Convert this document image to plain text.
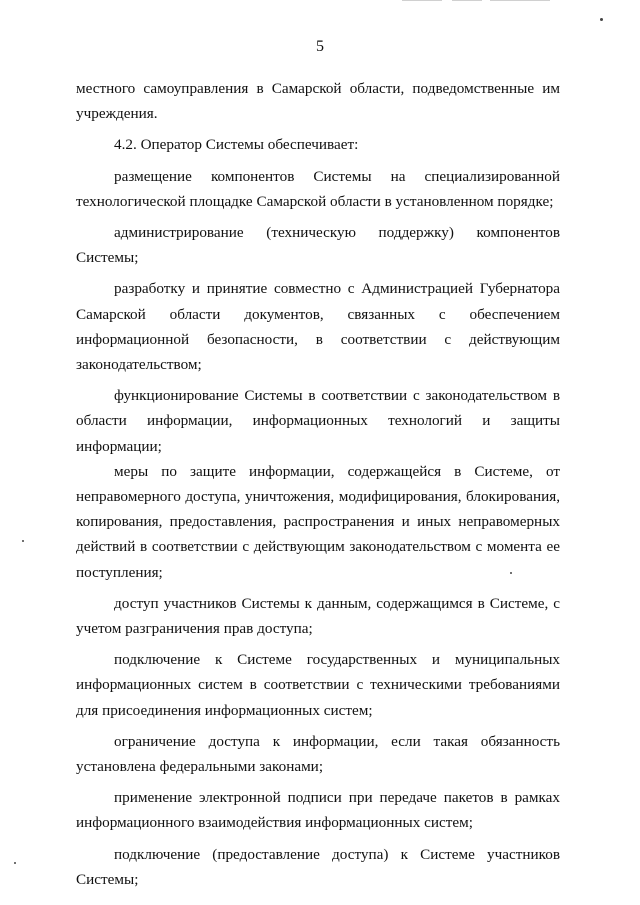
5

местного самоуправления в Самарской области, подведомственные им учреждения.

4.2. Оператор Системы обеспечивает:

размещение компонентов Системы на специализированной технологической площадке Самарской области в установленном порядке;

администрирование (техническую поддержку) компонентов Системы;

разработку и принятие совместно с Администрацией Губернатора Самарской области документов, связанных с обеспечением информационной безопасности, в соответствии с действующим законодательством;

функционирование Системы в соответствии с законодательством в области информации, информационных технологий и защиты информации;

меры по защите информации, содержащейся в Системе, от неправомерного доступа, уничтожения, модифицирования, блокирования, копирования, предоставления, распространения и иных неправомерных действий в соответствии с действующим законодательством с момента ее поступления;

доступ участников Системы к данным, содержащимся в Системе, с учетом разграничения прав доступа;

подключение к Системе государственных и муниципальных информационных систем в соответствии с техническими требованиями для присоединения информационных систем;

ограничение доступа к информации, если такая обязанность установлена федеральными законами;

применение электронной подписи при передаче пакетов в рамках информационного взаимодействия информационных систем;

подключение (предоставление доступа) к Системе участников Системы;
